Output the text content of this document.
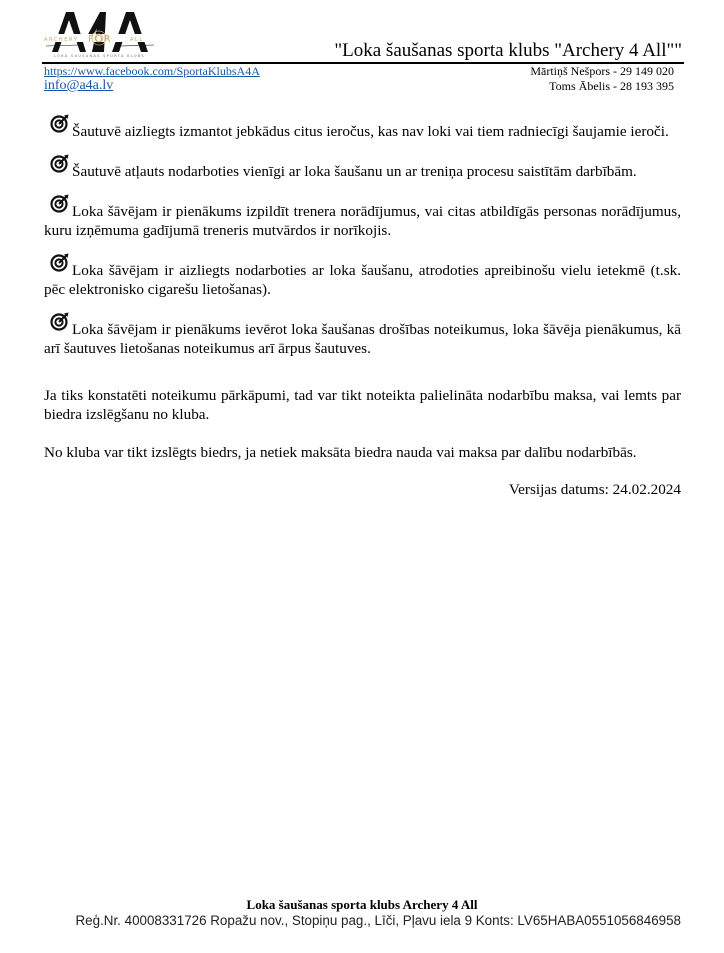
ARCHERY FOR	ALL
LOKA ŠAUŠANAS SPORTA KLUBS	"Loka šaušanas sporta klubs "Archery 4 All""
https://www.facebook.com/SportaKlubsA4A
info@a4a.lv
Mārtiņš Nešpors - 29 149 020
Toms Ābelis - 28 193 395

Šautuvē aizliegts izmantot jebkādus citus ieročus, kas nav loki vai tiem radniecīgi šaujamie ieroči.

Šautuvē atļauts nodarboties vienīgi ar loka šaušanu un ar treniņa procesu saistītām darbībām.

Loka šāvējam ir pienākums izpildīt trenera norādījumus, vai citas atbildīgās personas norādījumus, kuru izņēmuma gadījumā treneris mutvārdos ir norīkojis.

Loka šāvējam ir aizliegts nodarboties ar loka šaušanu, atrodoties apreibinošu vielu ietekmē (t.sk. pēc elektronisko cigarešu lietošanas).

Loka šāvējam ir pienākums ievērot loka šaušanas drošības noteikumus, loka šāvēja pienākumus, kā arī šautuves lietošanas noteikumus arī ārpus šautuves.

Ja tiks konstatēti noteikumu pārkāpumi, tad var tikt noteikta palielināta nodarbību maksa, vai lemts par biedra izslēgšanu no kluba.

No kluba var tikt izslēgts biedrs, ja netiek maksāta biedra nauda vai maksa par dalību nodarbībās.

Versijas datums: 24.02.2024
Loka šaušanas sporta klubs Archery 4 All
Reģ.Nr. 40008331726 Ropažu nov., Stopiņu pag., Līči, Pļavu iela 9 Konts: LV65HABA0551056846958
